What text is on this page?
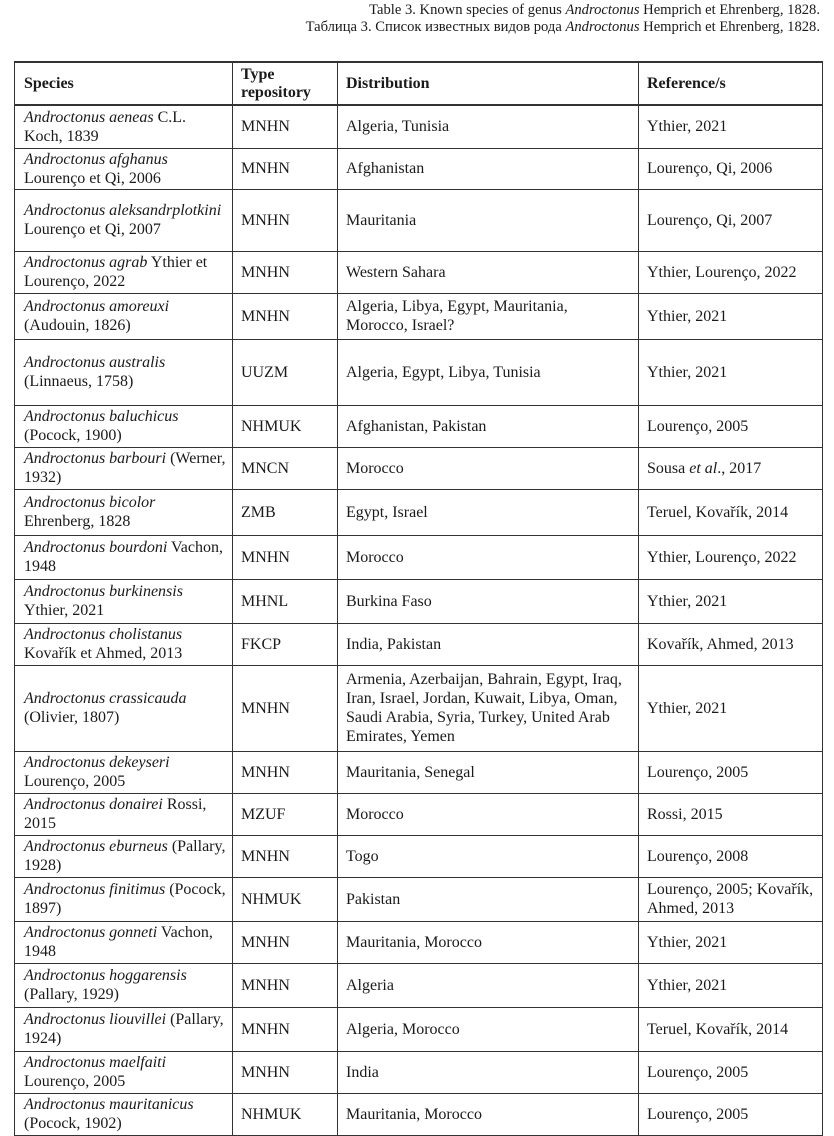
Table 3. Known species of genus Androctonus Hemprich et Ehrenberg, 1828.
Таблица 3. Список известных видов рода Androctonus Hemprich et Ehrenberg, 1828.
Species	Type repository	Distribution	Reference/s
Androctonus aeneas C.L. Koch, 1839	MNHN	Algeria, Tunisia	Ythier, 2021
Androctonus afghanus Lourenço et Qi, 2006	MNHN	Afghanistan	Lourenço, Qi, 2006
Androctonus aleksandrplotkini Lourenço et Qi, 2007	MNHN	Mauritania	Lourenço, Qi, 2007
Androctonus agrab Ythier et Lourenço, 2022	MNHN	Western Sahara	Ythier, Lourenço, 2022
Androctonus amoreuxi (Audouin, 1826)	MNHN	Algeria, Libya, Egypt, Mauritania, Morocco, Israel?	Ythier, 2021
Androctonus australis (Linnaeus, 1758)	UUZM	Algeria, Egypt, Libya, Tunisia	Ythier, 2021
Androctonus baluchicus (Pocock, 1900)	NHMUK	Afghanistan, Pakistan	Lourenço, 2005
Androctonus barbouri (Werner, 1932)	MNCN	Morocco	Sousa et al., 2017
Androctonus bicolor Ehrenberg, 1828	ZMB	Egypt, Israel	Teruel, Kovařík, 2014
Androctonus bourdoni Vachon, 1948	MNHN	Morocco	Ythier, Lourenço, 2022
Androctonus burkinensis Ythier, 2021	MHNL	Burkina Faso	Ythier, 2021
Androctonus cholistanus Kovařík et Ahmed, 2013	FKCP	India, Pakistan	Kovařík, Ahmed, 2013
Androctonus crassicauda (Olivier, 1807)	MNHN	Armenia, Azerbaijan, Bahrain, Egypt, Iraq, Iran, Israel, Jordan, Kuwait, Libya, Oman, Saudi Arabia, Syria, Turkey, United Arab Emirates, Yemen	Ythier, 2021
Androctonus dekeyseri Lourenço, 2005	MNHN	Mauritania, Senegal	Lourenço, 2005
Androctonus donairei Rossi, 2015	MZUF	Morocco	Rossi, 2015
Androctonus eburneus (Pallary, 1928)	MNHN	Togo	Lourenço, 2008
Androctonus finitimus (Pocock, 1897)	NHMUK	Pakistan	Lourenço, 2005; Kovařík, Ahmed, 2013
Androctonus gonneti Vachon, 1948	MNHN	Mauritania, Morocco	Ythier, 2021
Androctonus hoggarensis (Pallary, 1929)	MNHN	Algeria	Ythier, 2021
Androctonus liouvillei (Pallary, 1924)	MNHN	Algeria, Morocco	Teruel, Kovařík, 2014
Androctonus maelfaiti Lourenço, 2005	MNHN	India	Lourenço, 2005
Androctonus mauritanicus (Pocock, 1902)	NHMUK	Mauritania, Morocco	Lourenço, 2005
